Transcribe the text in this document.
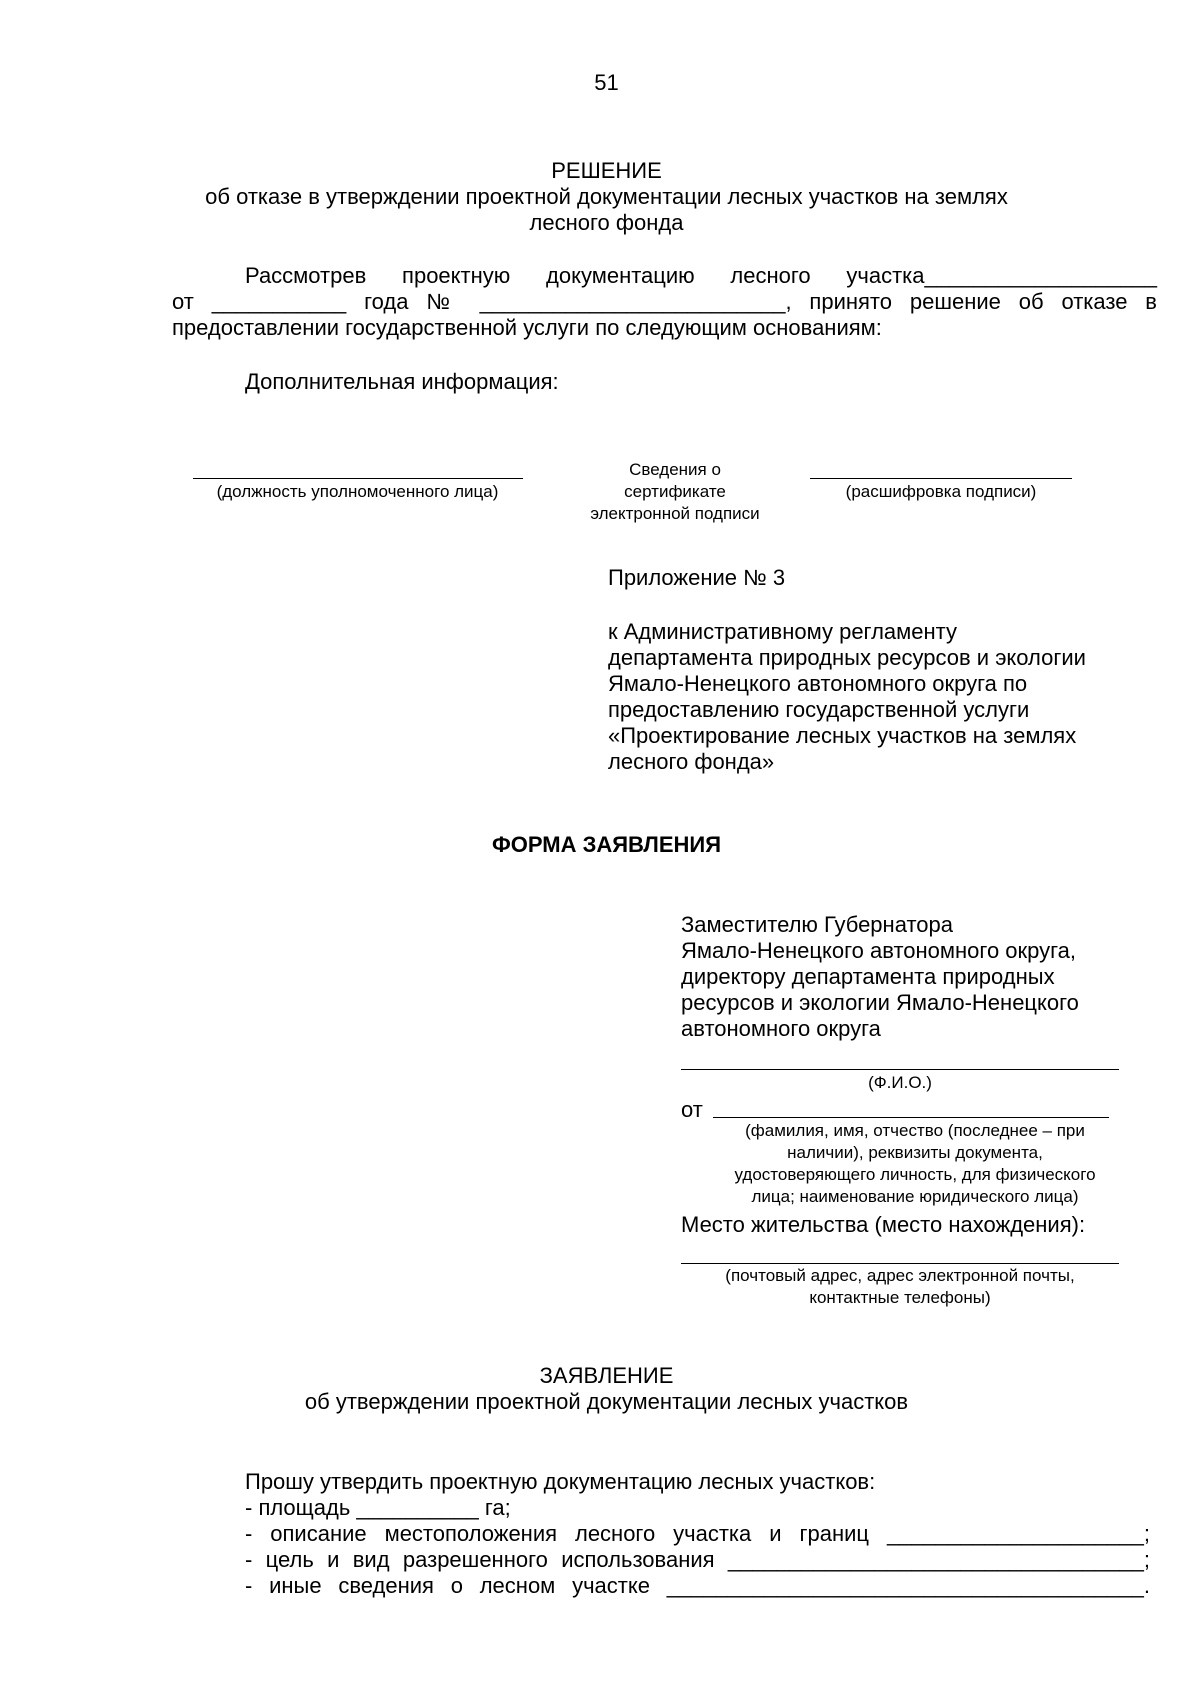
51
РЕШЕНИЕ
об отказе в утверждении проектной документации лесных участков на землях
лесного фонда
Рассмотрев проектную документацию лесного участка___________________
от ___________ года № _________________________, принято решение об отказе в
предоставлении государственной услуги по следующим основаниям:
Дополнительная информация:
(должность уполномоченного лица)
Сведения о
сертификате
электронной подписи
(расшифровка подписи)
Приложение № 3
к Административному регламенту
департамента природных ресурсов и экологии
Ямало-Ненецкого автономного округа по
предоставлению государственной услуги
«Проектирование лесных участков на землях
лесного фонда»
ФОРМА ЗАЯВЛЕНИЯ
Заместителю Губернатора
Ямало-Ненецкого автономного округа,
директору департамента природных
ресурсов и экологии Ямало-Ненецкого
автономного округа
(Ф.И.О.)
от
(фамилия, имя, отчество (последнее – при
наличии), реквизиты документа,
удостоверяющего личность, для физического
лица; наименование юридического лица)
Место жительства (место нахождения):
(почтовый адрес, адрес электронной почты,
контактные телефоны)
ЗАЯВЛЕНИЕ
об утверждении проектной документации лесных участков
Прошу утвердить проектную документацию лесных участков:
- площадь __________ га;
- описание местоположения лесного участка и границ _____________________;
- цель и вид разрешенного использования __________________________________;
- иные сведения о лесном участке _______________________________________.
